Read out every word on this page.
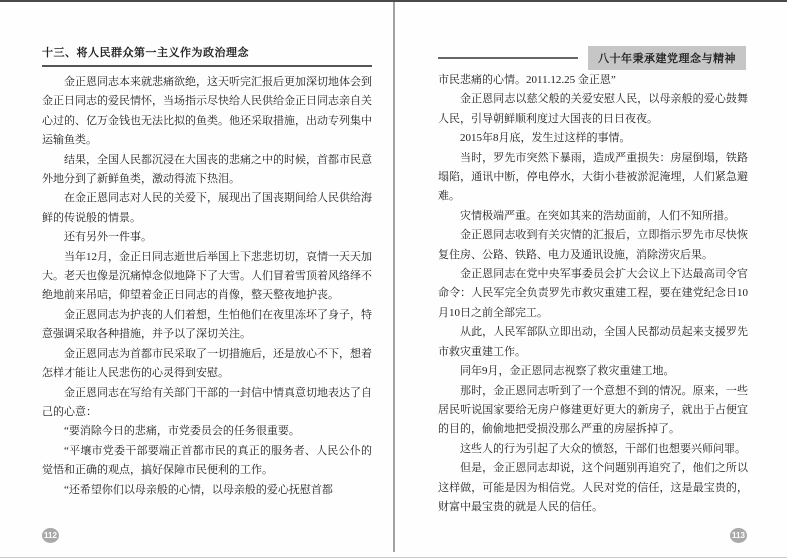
十三、将人民群众第一主义作为政治理念

金正恩同志本来就悲痛欲绝，这天听完汇报后更加深切地体会到金正日同志的爱民情怀，当场指示尽快给人民供给金正日同志亲自关心过的、亿万金钱也无法比拟的鱼类。他还采取措施，出动专列集中运输鱼类。

结果，全国人民都沉浸在大国丧的悲痛之中的时候，首都市民意外地分到了新鲜鱼类，激动得流下热泪。

在金正恩同志对人民的关爱下，展现出了国丧期间给人民供给海鲜的传说般的情景。

还有另外一件事。

当年12月，金正日同志逝世后举国上下悲悲切切，哀情一天天加大。老天也像是沉痛悼念似地降下了大雪。人们冒着雪顶着风络绎不绝地前来吊唁，仰望着金正日同志的肖像，整天整夜地护丧。

金正恩同志为护丧的人们着想，生怕他们在夜里冻坏了身子，特意强调采取各种措施，并予以了深切关注。

金正恩同志为首都市民采取了一切措施后，还是放心不下，想着怎样才能让人民悲伤的心灵得到安慰。

金正恩同志在写给有关部门干部的一封信中情真意切地表达了自己的心意：

“要消除今日的悲痛，市党委员会的任务很重要。

“平壤市党委干部要端正首都市民的真正的服务者、人民公仆的觉悟和正确的观点，搞好保障市民便利的工作。

“还希望你们以母亲般的心情，以母亲般的爱心抚慰首都

112
八十年秉承建党理念与精神

市民悲痛的心情。2011.12.25 金正恩”

金正恩同志以慈父般的关爱安慰人民，以母亲般的爱心鼓舞人民，引导朝鲜顺利度过大国丧的日日夜夜。

2015年8月底，发生过这样的事情。

当时，罗先市突然下暴雨，造成严重损失：房屋倒塌，铁路塌陷，通讯中断，停电停水，大街小巷被淤泥淹埋，人们紧急避难。

灾情极端严重。在突如其来的浩劫面前，人们不知所措。

金正恩同志收到有关灾情的汇报后，立即指示罗先市尽快恢复住房、公路、铁路、电力及通讯设施，消除涝灾后果。

金正恩同志在党中央军事委员会扩大会议上下达最高司令官命令：人民军完全负责罗先市救灾重建工程，要在建党纪念日10月10日之前全部完工。

从此，人民军部队立即出动，全国人民都动员起来支援罗先市救灾重建工作。

同年9月，金正恩同志视察了救灾重建工地。

那时，金正恩同志听到了一个意想不到的情况。原来，一些居民听说国家要给无房户修建更好更大的新房子，就出于占便宜的目的，偷偷地把受损没那么严重的房屋拆掉了。

这些人的行为引起了大众的愤怒，干部们也想要兴师问罪。

但是，金正恩同志却说，这个问题别再追究了，他们之所以这样做，可能是因为相信党。人民对党的信任，这是最宝贵的，财富中最宝贵的就是人民的信任。

113
